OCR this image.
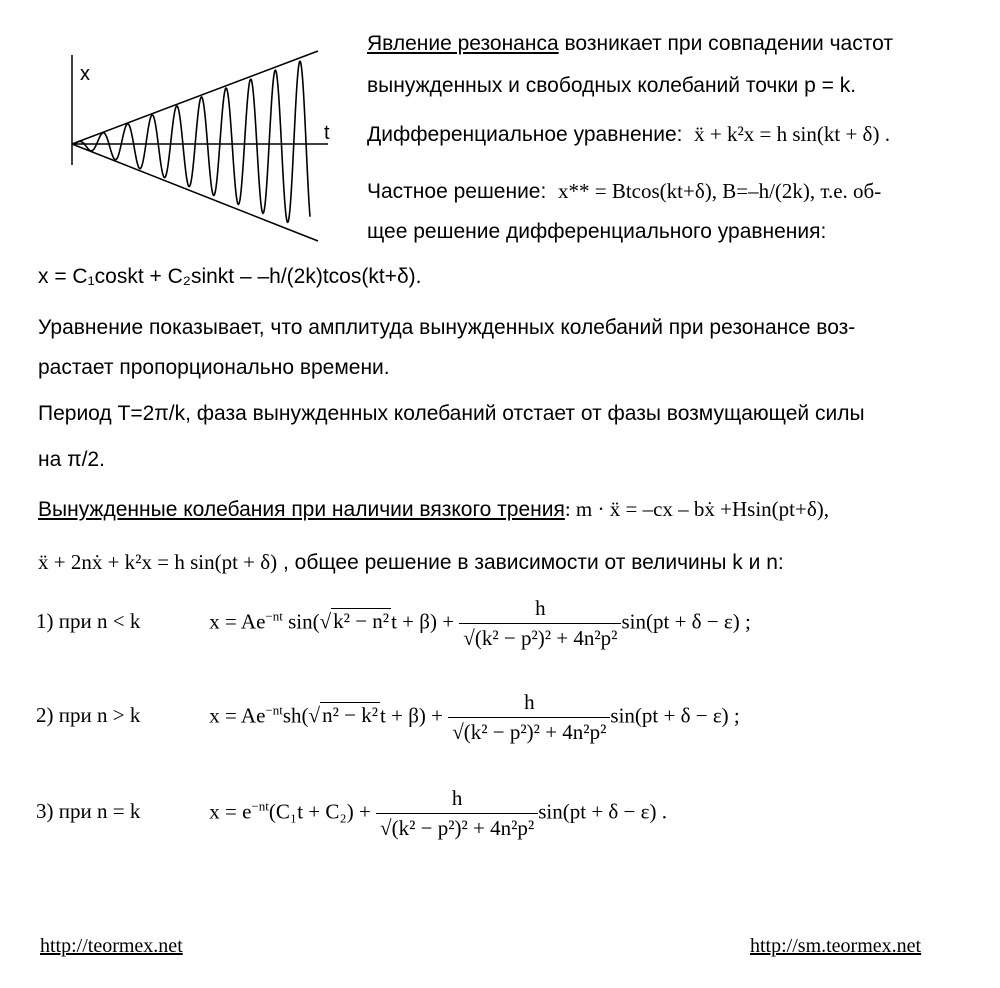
x
t
Явление резонанса возникает при совпадении частот
вынужденных и свободных колебаний точки p = k.
Дифференциальное уравнение: ẍ + k²x = h sin(kt + δ) .
Частное решение: x** = Btcos(kt+δ), B=–h/(2k), т.е. об-
щее решение дифференциального уравнения:
x = C₁coskt + C₂sinkt – –h/(2k)tcos(kt+δ).
Уравнение показывает, что амплитуда вынужденных колебаний при резонансе воз-
растает пропорционально времени.
Период T=2π/k, фаза вынужденных колебаний отстает от фазы возмущающей силы
на π/2.
Вынужденные колебания при наличии вязкого трения: m · ẍ = –cx – bẋ +Hsin(pt+δ),
ẍ + 2nẋ + k²x = h sin(pt + δ) , общее решение в зависимости от величины k и n:
1) при n < k	$x = Ae^{-nt}$ $\sin(√k^2 - n^2t + \beta) + \frac{h}{\text{√(k² − p²)² + 4n²p²}} \sin(pt + \delta - \varepsilon)$ ;
2) при n > k	$x = Ae^{-nt}sh(√n^2 - k^2t + \beta) + \frac{h}{\text{√(k² − p²)² + 4n²p²}} \sin(pt + \delta - \varepsilon)$ ;
3) при n = k	$x = e^{-nt}(C_1t + C_2) + \frac{h}{\text{√(k² − p²)² + 4n²p²}} \sin(pt + \delta - \varepsilon)$ .
http://teormex.net	http://sm.teormex.net
